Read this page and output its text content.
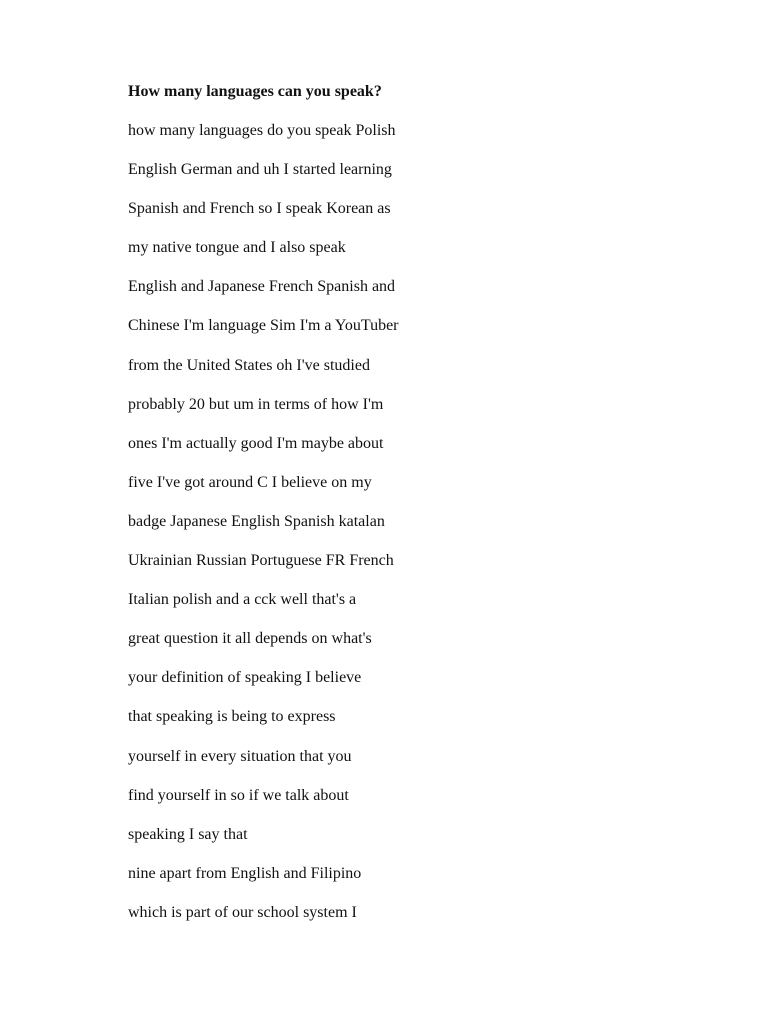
How many languages can you speak?

how many languages do you speak Polish

English German and uh I started learning

Spanish and French so I speak Korean as

my native tongue and I also speak

English and Japanese French Spanish and

Chinese I'm language Sim I'm a YouTuber

from the United States oh I've studied

probably 20 but um in terms of how I'm

ones I'm actually good I'm maybe about

five I've got around C I believe on my

badge Japanese English Spanish katalan

Ukrainian Russian Portuguese FR French

Italian polish and a cck well that's a

great question it all depends on what's

your definition of speaking I believe

that speaking is being to express

yourself in every situation that you

find yourself in so if we talk about

speaking I say that

nine apart from English and Filipino

which is part of our school system I
